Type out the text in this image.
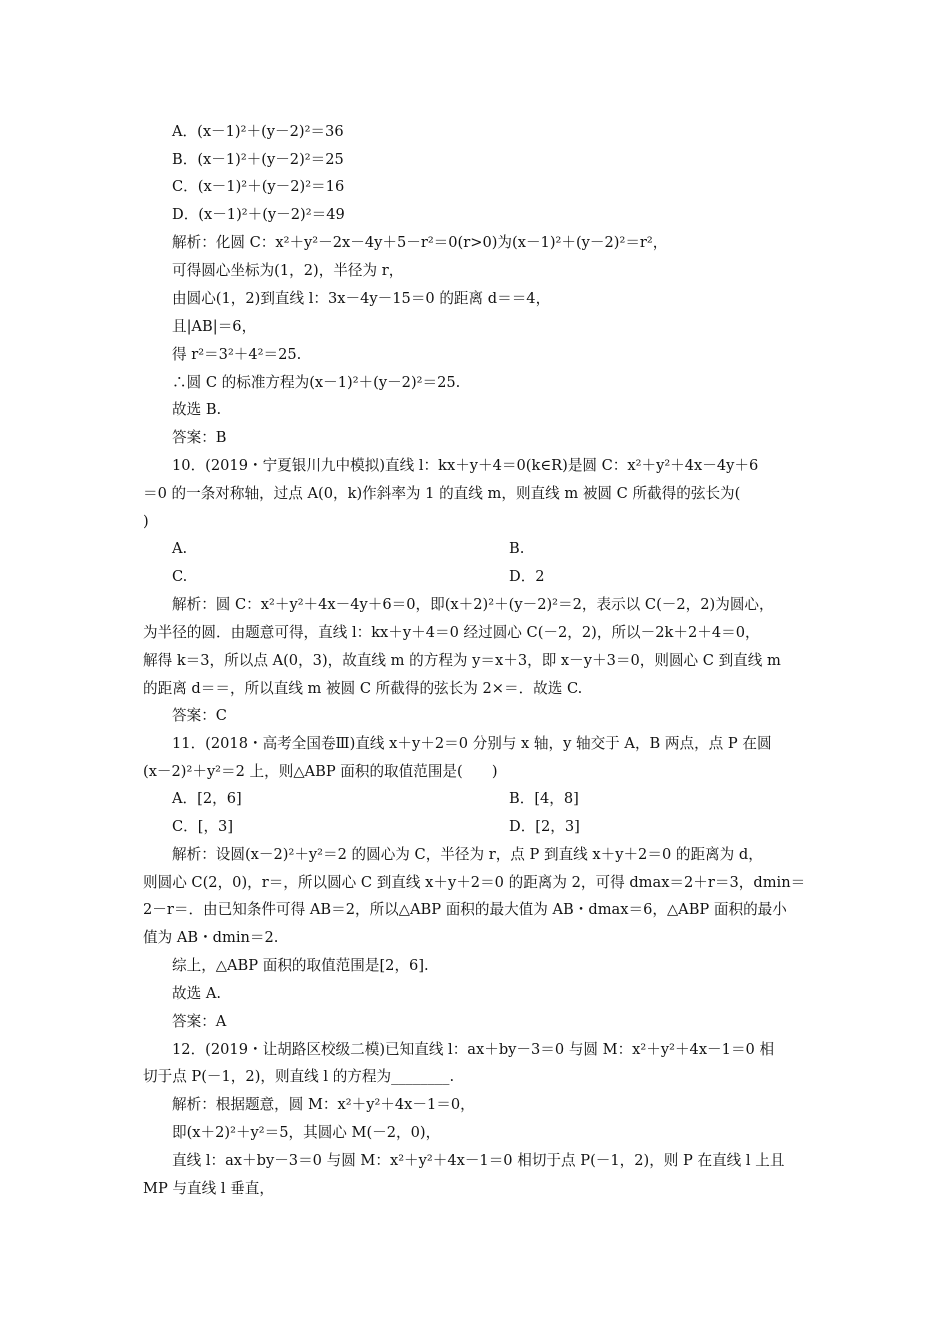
A．(x－1)²＋(y－2)²＝36
B．(x－1)²＋(y－2)²＝25
C．(x－1)²＋(y－2)²＝16
D．(x－1)²＋(y－2)²＝49
解析：化圆 C：x²＋y²－2x－4y＋5－r²＝0(r>0)为(x－1)²＋(y－2)²＝r²，
可得圆心坐标为(1，2)，半径为 r，
由圆心(1，2)到直线 l：3x－4y－15＝0 的距离 d＝＝4，
且|AB|＝6，
得 r²＝3²＋4²＝25.
∴圆 C 的标准方程为(x－1)²＋(y－2)²＝25.
故选 B.
答案：B
10．(2019・宁夏银川九中模拟)直线 l：kx＋y＋4＝0(k∈R)是圆 C：x²＋y²＋4x－4y＋6
＝0 的一条对称轴，过点 A(0，k)作斜率为 1 的直线 m，则直线 m 被圆 C 所截得的弦长为(
)
A.	B.
C.	D．2
解析：圆 C：x²＋y²＋4x－4y＋6＝0，即(x＋2)²＋(y－2)²＝2，表示以 C(－2，2)为圆心，
为半径的圆．由题意可得，直线 l：kx＋y＋4＝0 经过圆心 C(－2，2)，所以－2k＋2＋4＝0，
解得 k＝3，所以点 A(0，3)，故直线 m 的方程为 y＝x＋3，即 x－y＋3＝0，则圆心 C 到直线 m
的距离 d＝＝，所以直线 m 被圆 C 所截得的弦长为 2×＝．故选 C.
答案：C
11．(2018・高考全国卷Ⅲ)直线 x＋y＋2＝0 分别与 x 轴，y 轴交于 A，B 两点，点 P 在圆
(x－2)²＋y²＝2 上，则△ABP 面积的取值范围是(　　)
A．[2，6]	B．[4，8]
C．[，3]	D．[2，3]
解析：设圆(x－2)²＋y²＝2 的圆心为 C，半径为 r，点 P 到直线 x＋y＋2＝0 的距离为 d，
则圆心 C(2，0)，r＝，所以圆心 C 到直线 x＋y＋2＝0 的距离为 2，可得 dmax＝2＋r＝3，dmin＝
2－r＝．由已知条件可得 AB＝2，所以△ABP 面积的最大值为 AB・dmax＝6，△ABP 面积的最小
值为 AB・dmin＝2.
综上，△ABP 面积的取值范围是[2，6].
故选 A.
答案：A
12．(2019・让胡路区校级二模)已知直线 l：ax＋by－3＝0 与圆 M：x²＋y²＋4x－1＝0 相
切于点 P(－1，2)，则直线 l 的方程为________.
解析：根据题意，圆 M：x²＋y²＋4x－1＝0，
即(x＋2)²＋y²＝5，其圆心 M(－2，0)，
直线 l：ax＋by－3＝0 与圆 M：x²＋y²＋4x－1＝0 相切于点 P(－1，2)，则 P 在直线 l 上且
MP 与直线 l 垂直，
